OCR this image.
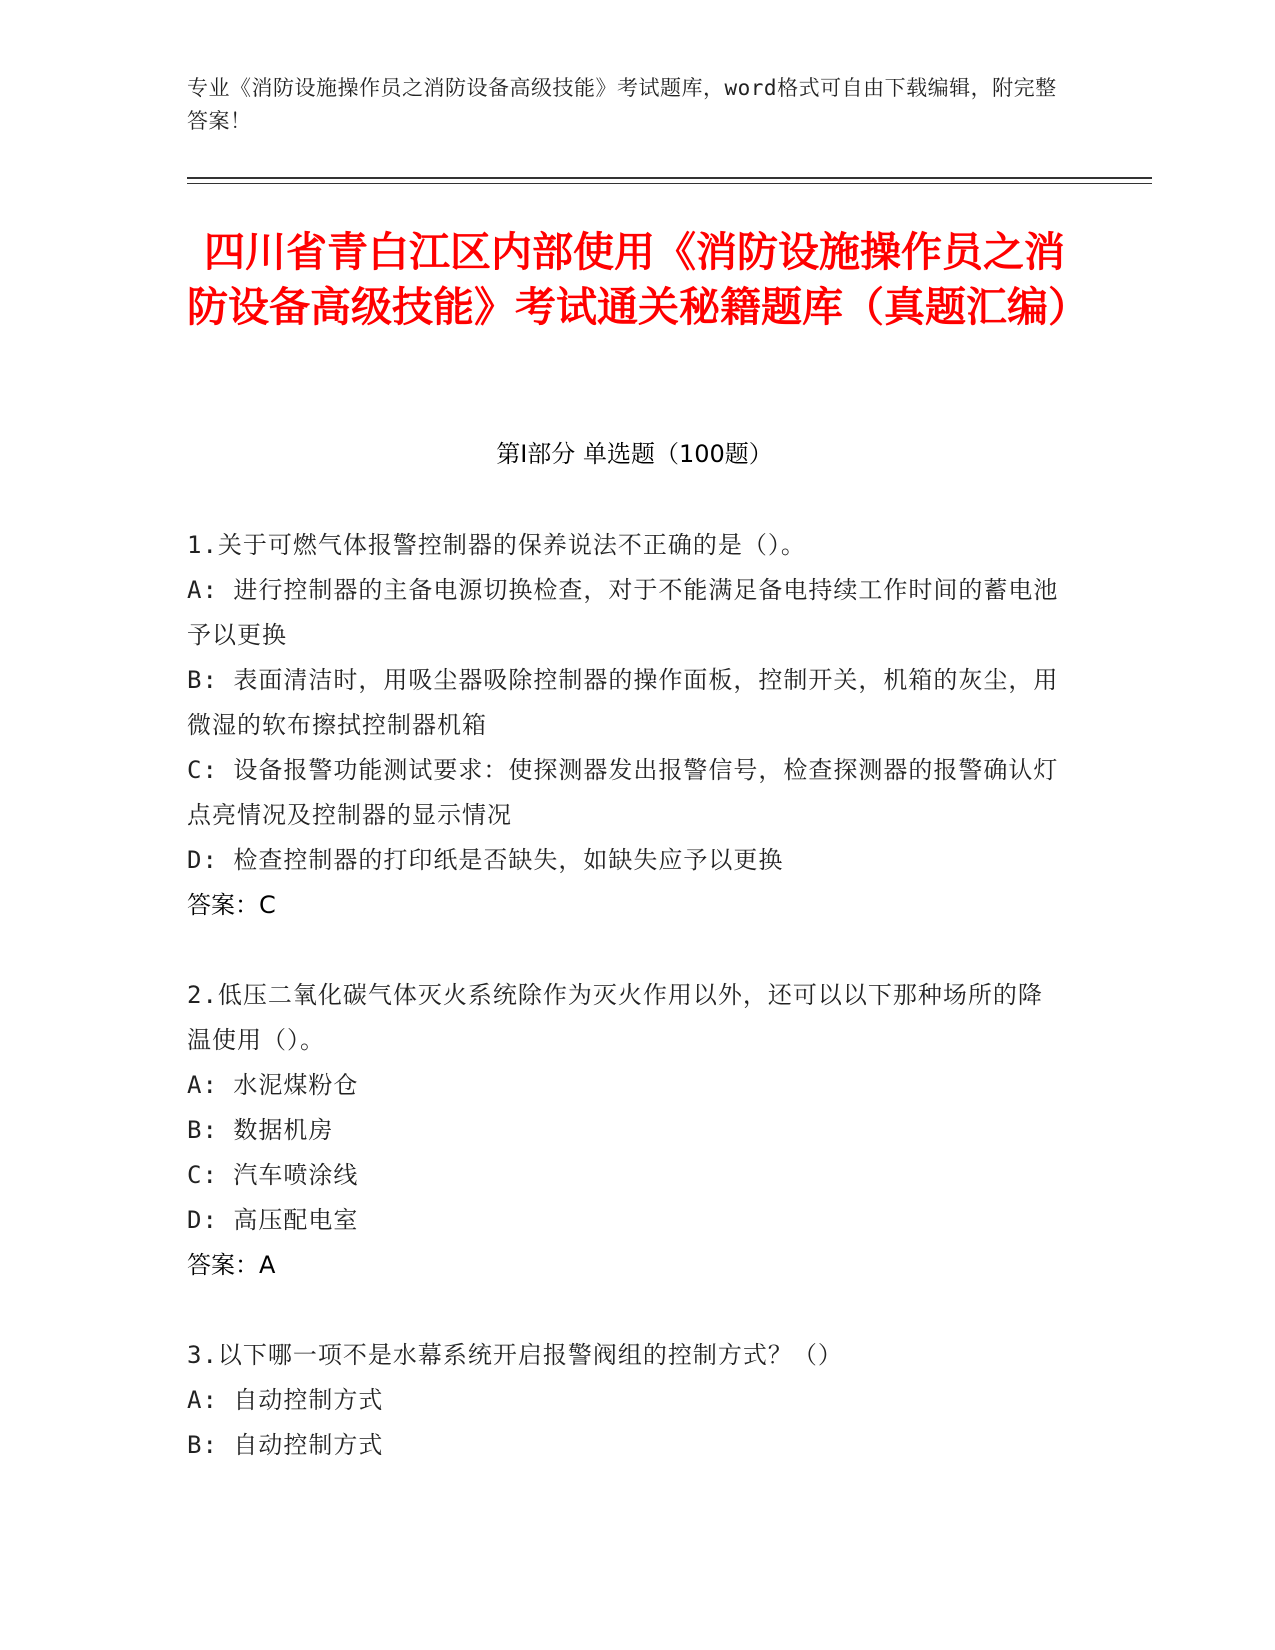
专业《消防设施操作员之消防设备高级技能》考试题库，word格式可自由下载编辑，附完整答案！
四川省青白江区内部使用《消防设施操作员之消防设备高级技能》考试通关秘籍题库（真题汇编）
第Ⅰ部分 单选题（100题）
1.关于可燃气体报警控制器的保养说法不正确的是（）。
A: 进行控制器的主备电源切换检查，对于不能满足备电持续工作时间的蓄电池予以更换
B: 表面清洁时，用吸尘器吸除控制器的操作面板，控制开关，机箱的灰尘，用微湿的软布擦拭控制器机箱
C: 设备报警功能测试要求：使探测器发出报警信号，检查探测器的报警确认灯点亮情况及控制器的显示情况
D: 检查控制器的打印纸是否缺失，如缺失应予以更换
答案：C
2.低压二氧化碳气体灭火系统除作为灭火作用以外，还可以以下那种场所的降温使用（）。
A: 水泥煤粉仓
B: 数据机房
C: 汽车喷涂线
D: 高压配电室
答案：A
3.以下哪一项不是水幕系统开启报警阀组的控制方式？（）
A: 自动控制方式
B: 自动控制方式
